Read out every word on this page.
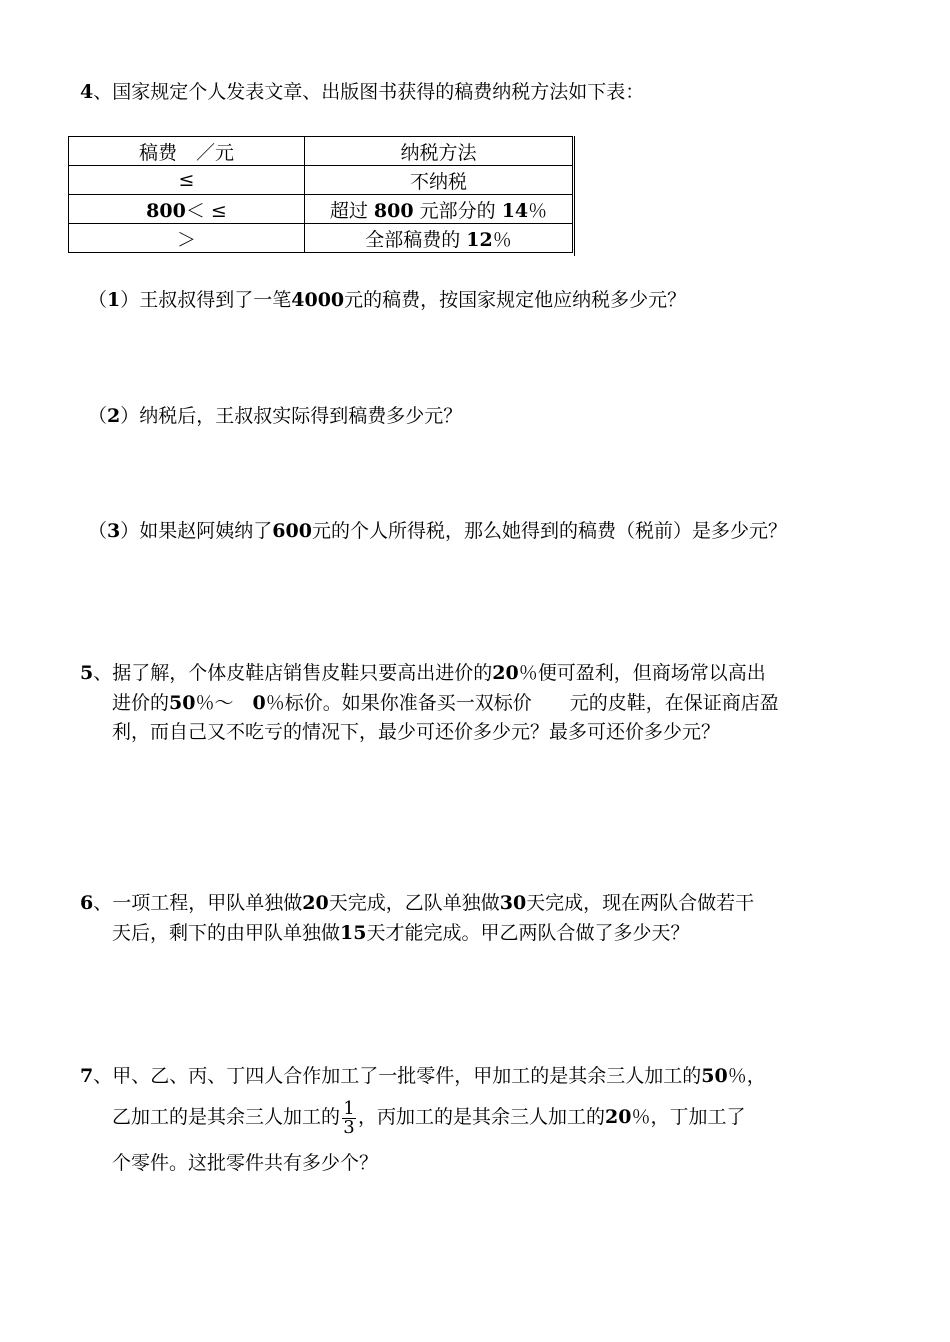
4、国家规定个人发表文章、出版图书获得的稿费纳税方法如下表：
稿费　／元	纳税方法
≤	不纳税
800＜ ≤	超过 800 元部分的 14％
＞	全部稿费的 12％
（1）王叔叔得到了一笔4000元的稿费，按国家规定他应纳税多少元？
（2）纳税后，王叔叔实际得到稿费多少元？
（3）如果赵阿姨纳了600元的个人所得税，那么她得到的稿费（税前）是多少元？
5、据了解，个体皮鞋店销售皮鞋只要高出进价的20％便可盈利，但商场常以高出
进价的50％～　0％标价。如果你准备买一双标价　　元的皮鞋，在保证商店盈
利，而自己又不吃亏的情况下，最少可还价多少元？最多可还价多少元？
6、一项工程，甲队单独做20天完成，乙队单独做30天完成，现在两队合做若干
天后，剩下的由甲队单独做15天才能完成。甲乙两队合做了多少天？
7、甲、乙、丙、丁四人合作加工了一批零件，甲加工的是其余三人加工的50％，
乙加工的是其余三人加工的 $\frac{1}{3}$ ，丙加工的是其余三人加工的20％，丁加工了
个零件。这批零件共有多少个？
